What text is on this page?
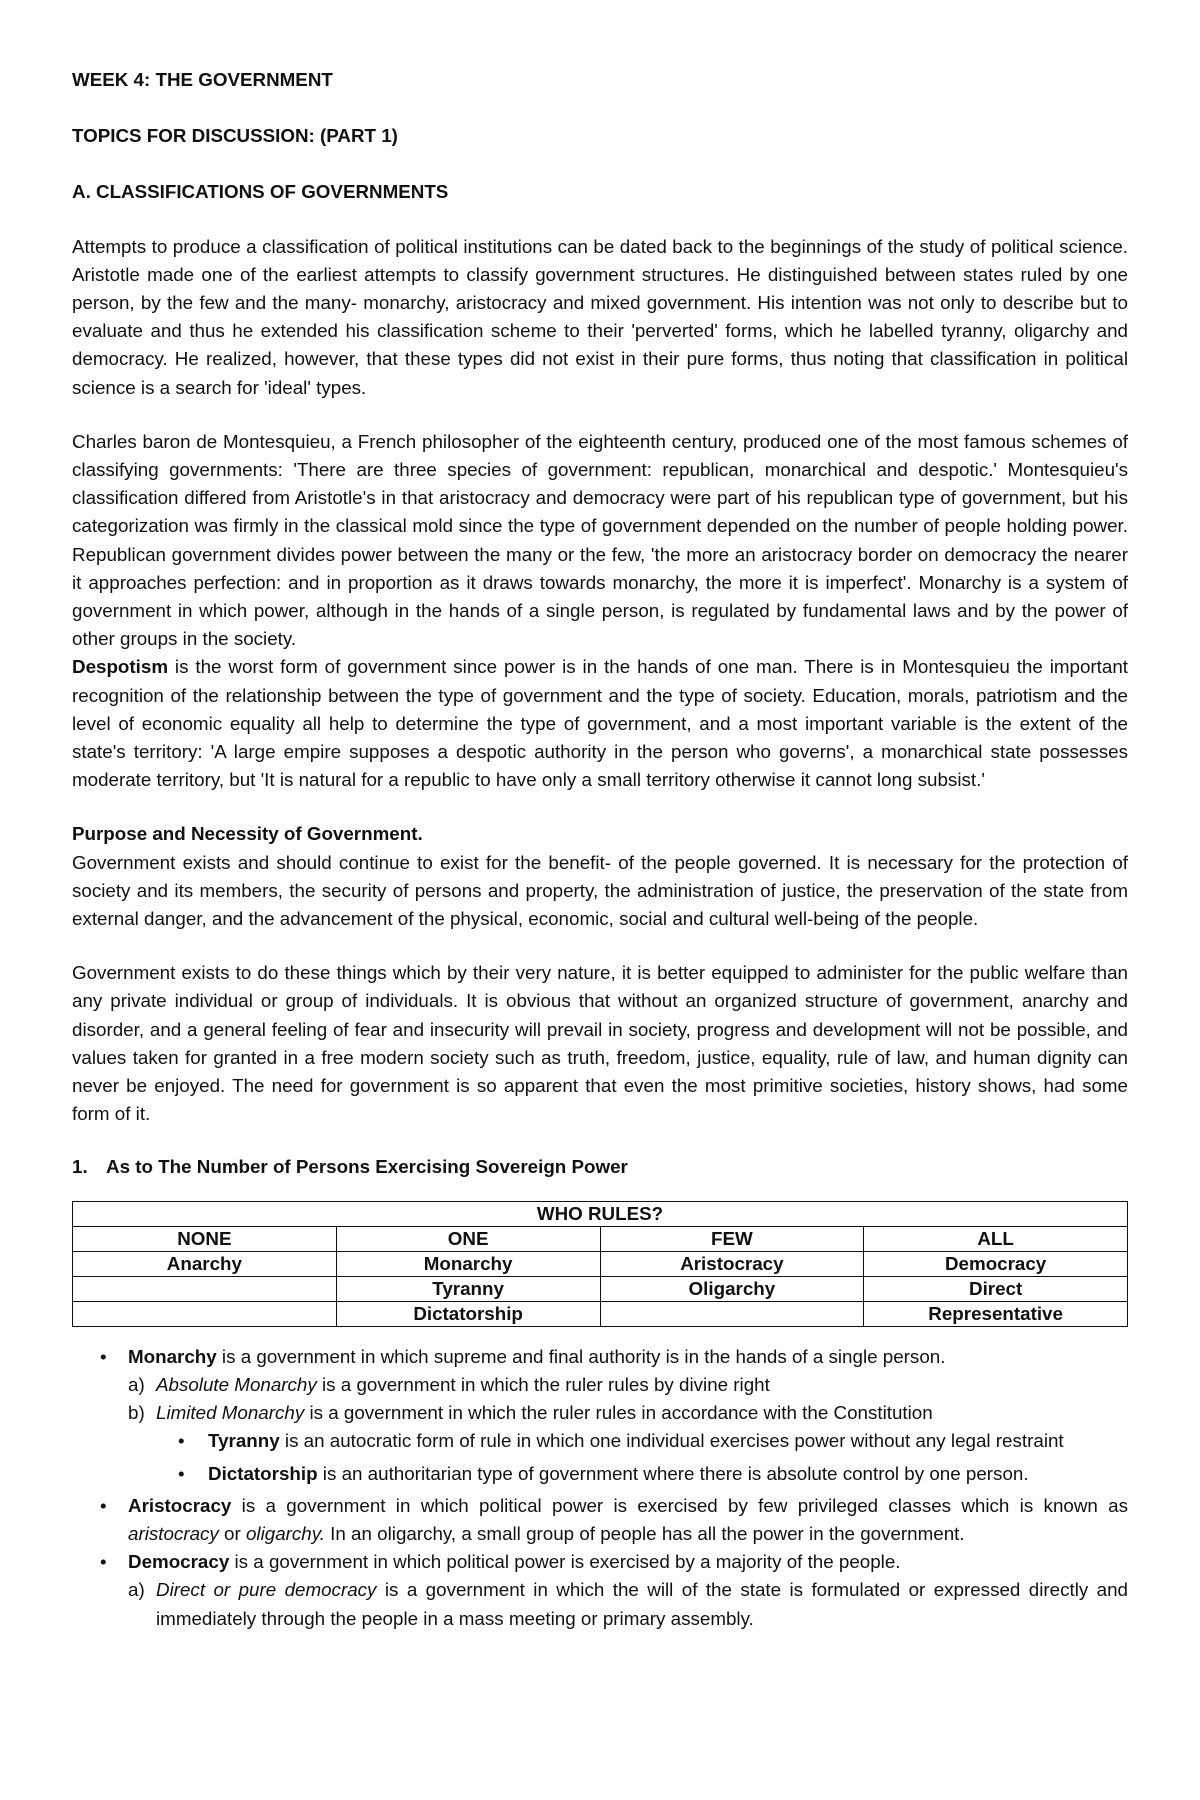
WEEK 4: THE GOVERNMENT
TOPICS FOR DISCUSSION: (PART 1)
A. CLASSIFICATIONS OF GOVERNMENTS

Attempts to produce a classification of political institutions can be dated back to the beginnings of the study of political science. Aristotle made one of the earliest attempts to classify government structures. He distinguished between states ruled by one person, by the few and the many- monarchy, aristocracy and mixed government. His intention was not only to describe but to evaluate and thus he extended his classification scheme to their 'perverted' forms, which he labelled tyranny, oligarchy and democracy. He realized, however, that these types did not exist in their pure forms, thus noting that classification in political science is a search for 'ideal' types.

Charles baron de Montesquieu, a French philosopher of the eighteenth century, produced one of the most famous schemes of classifying governments: 'There are three species of government: republican, monarchical and despotic.' Montesquieu's classification differed from Aristotle's in that aristocracy and democracy were part of his republican type of government, but his categorization was firmly in the classical mold since the type of government depended on the number of people holding power. Republican government divides power between the many or the few, 'the more an aristocracy border on democracy the nearer it approaches perfection: and in proportion as it draws towards monarchy, the more it is imperfect'. Monarchy is a system of government in which power, although in the hands of a single person, is regulated by fundamental laws and by the power of other groups in the society.
Despotism is the worst form of government since power is in the hands of one man. There is in Montesquieu the important recognition of the relationship between the type of government and the type of society. Education, morals, patriotism and the level of economic equality all help to determine the type of government, and a most important variable is the extent of the state's territory: 'A large empire supposes a despotic authority in the person who governs', a monarchical state possesses moderate territory, but 'It is natural for a republic to have only a small territory otherwise it cannot long subsist.'

Purpose and Necessity of Government.

Government exists and should continue to exist for the benefit- of the people governed. It is necessary for the protection of society and its members, the security of persons and property, the administration of justice, the preservation of the state from external danger, and the advancement of the physical, economic, social and cultural well-being of the people.

Government exists to do these things which by their very nature, it is better equipped to administer for the public welfare than any private individual or group of individuals. It is obvious that without an organized structure of government, anarchy and disorder, and a general feeling of fear and insecurity will prevail in society, progress and development will not be possible, and values taken for granted in a free modern society such as truth, freedom, justice, equality, rule of law, and human dignity can never be enjoyed. The need for government is so apparent that even the most primitive societies, history shows, had some form of it.

1. As to The Number of Persons Exercising Sovereign Power
WHO RULES?			
NONE	ONE	FEW	ALL
Anarchy	Monarchy	Aristocracy	Democracy
	Tyranny	Oligarchy	Direct
	Dictatorship		Representative
• Monarchy is a government in which supreme and final authority is in the hands of a single person.
a) Absolute Monarchy is a government in which the ruler rules by divine right
b) Limited Monarchy is a government in which the ruler rules in accordance with the Constitution
• Tyranny is an autocratic form of rule in which one individual exercises power without any legal restraint
• Dictatorship is an authoritarian type of government where there is absolute control by one person.
• Aristocracy is a government in which political power is exercised by few privileged classes which is known as aristocracy or oligarchy. In an oligarchy, a small group of people has all the power in the government.
• Democracy is a government in which political power is exercised by a majority of the people.
a) Direct or pure democracy is a government in which the will of the state is formulated or expressed directly and immediately through the people in a mass meeting or primary assembly.
